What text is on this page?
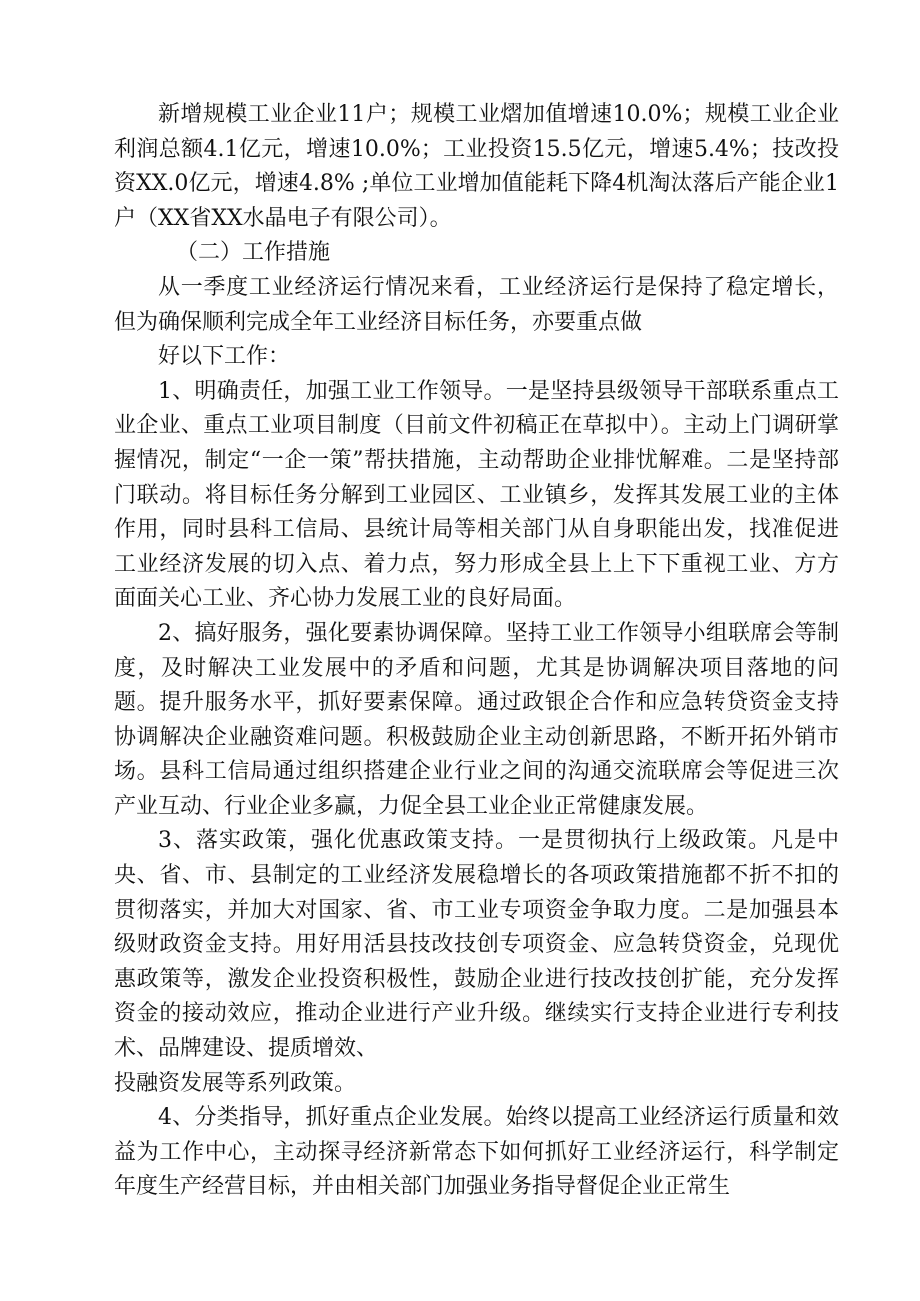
新增规模工业企业11户；规模工业熠加值增速10.0%；规模工业企业利润总额4.1亿元，增速10.0%；工业投资15.5亿元，增速5.4%；技改投资XX.0亿元，增速4.8% ;单位工业增加值能耗下降4机淘汰落后产能企业1户（XX省XX水晶电子有限公司）。

（二）工作措施

从一季度工业经济运行情况来看，工业经济运行是保持了稳定增长，但为确保顺利完成全年工业经济目标任务，亦要重点做

好以下工作：

1、明确责任，加强工业工作领导。一是坚持县级领导干部联系重点工业企业、重点工业项目制度（目前文件初稿正在草拟中）。主动上门调研掌握情况，制定“一企一策”帮扶措施，主动帮助企业排忧解难。二是坚持部门联动。将目标任务分解到工业园区、工业镇乡，发挥其发展工业的主体作用，同时县科工信局、县统计局等相关部门从自身职能出发，找准促进工业经济发展的切入点、着力点，努力形成全县上上下下重视工业、方方面面关心工业、齐心协力发展工业的良好局面。

2、搞好服务，强化要素协调保障。坚持工业工作领导小组联席会等制度，及时解决工业发展中的矛盾和问题，尤其是协调解决项目落地的问题。提升服务水平，抓好要素保障。通过政银企合作和应急转贷资金支持协调解决企业融资难问题。积极鼓励企业主动创新思路，不断开拓外销市场。县科工信局通过组织搭建企业行业之间的沟通交流联席会等促进三次产业互动、行业企业多赢，力促全县工业企业正常健康发展。

3、落实政策，强化优惠政策支持。一是贯彻执行上级政策。凡是中央、省、市、县制定的工业经济发展稳增长的各项政策措施都不折不扣的贯彻落实，并加大对国家、省、市工业专项资金争取力度。二是加强县本级财政资金支持。用好用活县技改技创专项资金、应急转贷资金，兑现优惠政策等，激发企业投资积极性，鼓励企业进行技改技创扩能，充分发挥资金的接动效应，推动企业进行产业升级。继续实行支持企业进行专利技术、品牌建设、提质增效、

投融资发展等系列政策。

4、分类指导，抓好重点企业发展。始终以提高工业经济运行质量和效益为工作中心，主动探寻经济新常态下如何抓好工业经济运行，科学制定年度生产经营目标，并由相关部门加强业务指导督促企业正常生
